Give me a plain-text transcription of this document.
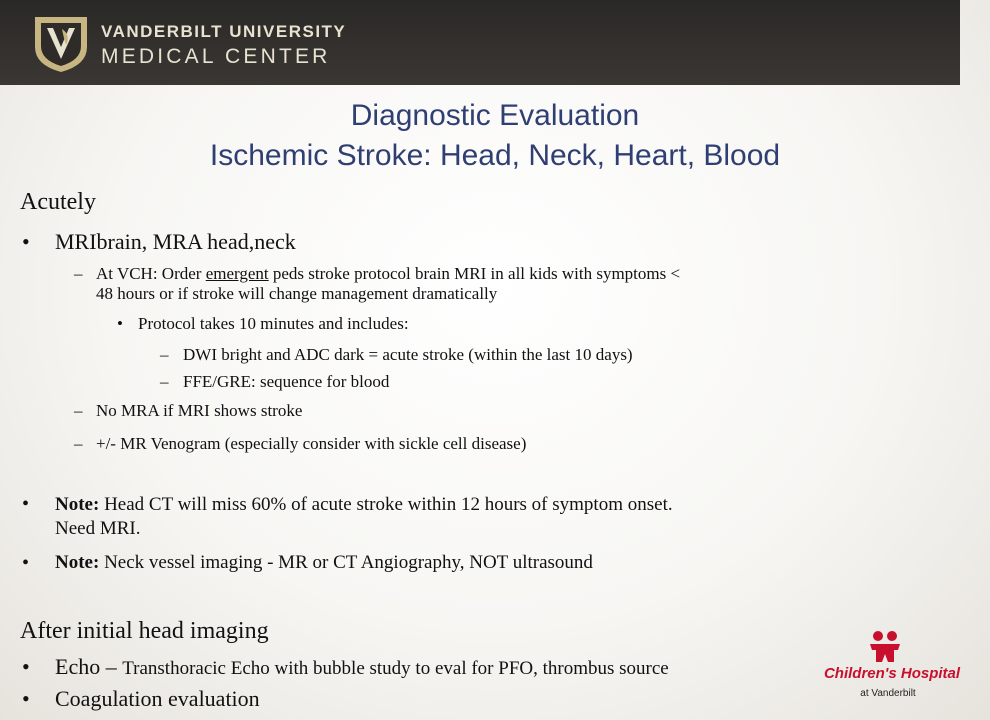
VANDERBILT UNIVERSITY
MEDICAL CENTER
Diagnostic Evaluation
Ischemic Stroke: Head, Neck, Heart, Blood
Acutely
• MRIbrain, MRA head,neck
– At VCH: Order emergent peds stroke protocol brain MRI in all kids with symptoms <
48 hours or if stroke will change management dramatically
• Protocol takes 10 minutes and includes:
– DWI bright and ADC dark = acute stroke (within the last 10 days)
– FFE/GRE: sequence for blood
– No MRA if MRI shows stroke
– +/- MR Venogram (especially consider with sickle cell disease)
• Note: Head CT will miss 60% of acute stroke within 12 hours of symptom onset.
Need MRI.
• Note: Neck vessel imaging - MR or CT Angiography, NOT ultrasound
After initial head imaging
• Echo – Transthoracic Echo with bubble study to eval for PFO, thrombus source
• Coagulation evaluation
Children's Hospital
at Vanderbilt
